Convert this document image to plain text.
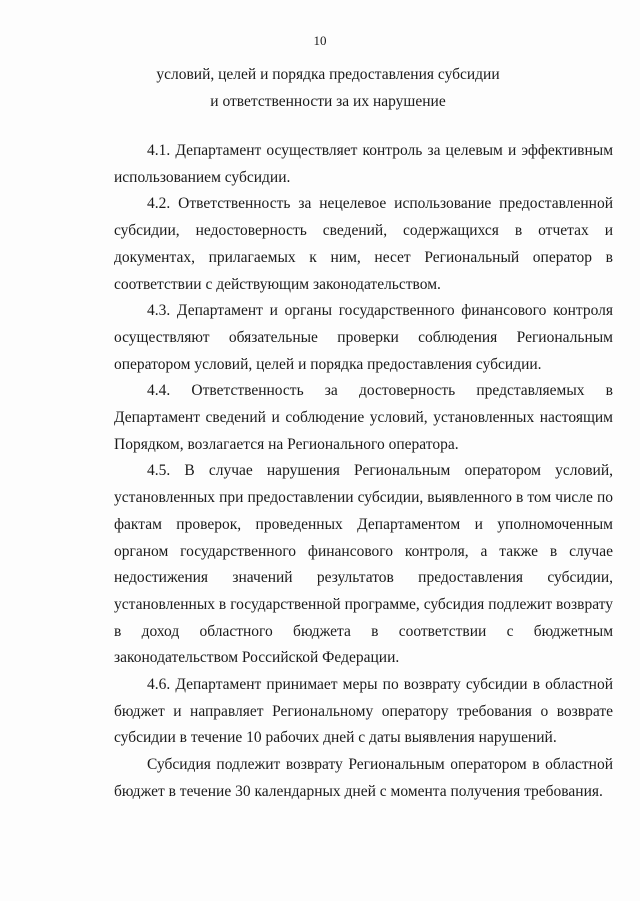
10
условий, целей и порядка предоставления субсидии
и ответственности за их нарушение

4.1. Департамент осуществляет контроль за целевым и эффективным использованием субсидии.

4.2. Ответственность за нецелевое использование предоставленной субсидии, недостоверность сведений, содержащихся в отчетах и документах, прилагаемых к ним, несет Региональный оператор в соответствии с действующим законодательством.

4.3. Департамент и органы государственного финансового контроля осуществляют обязательные проверки соблюдения Региональным оператором условий, целей и порядка предоставления субсидии.

4.4. Ответственность за достоверность представляемых в Департамент сведений и соблюдение условий, установленных настоящим Порядком, возлагается на Регионального оператора.

4.5. В случае нарушения Региональным оператором условий, установленных при предоставлении субсидии, выявленного в том числе по фактам проверок, проведенных Департаментом и уполномоченным органом государственного финансового контроля, а также в случае недостижения значений результатов предоставления субсидии, установленных в государственной программе, субсидия подлежит возврату в доход областного бюджета в соответствии с бюджетным законодательством Российской Федерации.

4.6. Департамент принимает меры по возврату субсидии в областной бюджет и направляет Региональному оператору требования о возврате субсидии в течение 10 рабочих дней с даты выявления нарушений.

Субсидия подлежит возврату Региональным оператором в областной бюджет в течение 30 календарных дней с момента получения требования.
